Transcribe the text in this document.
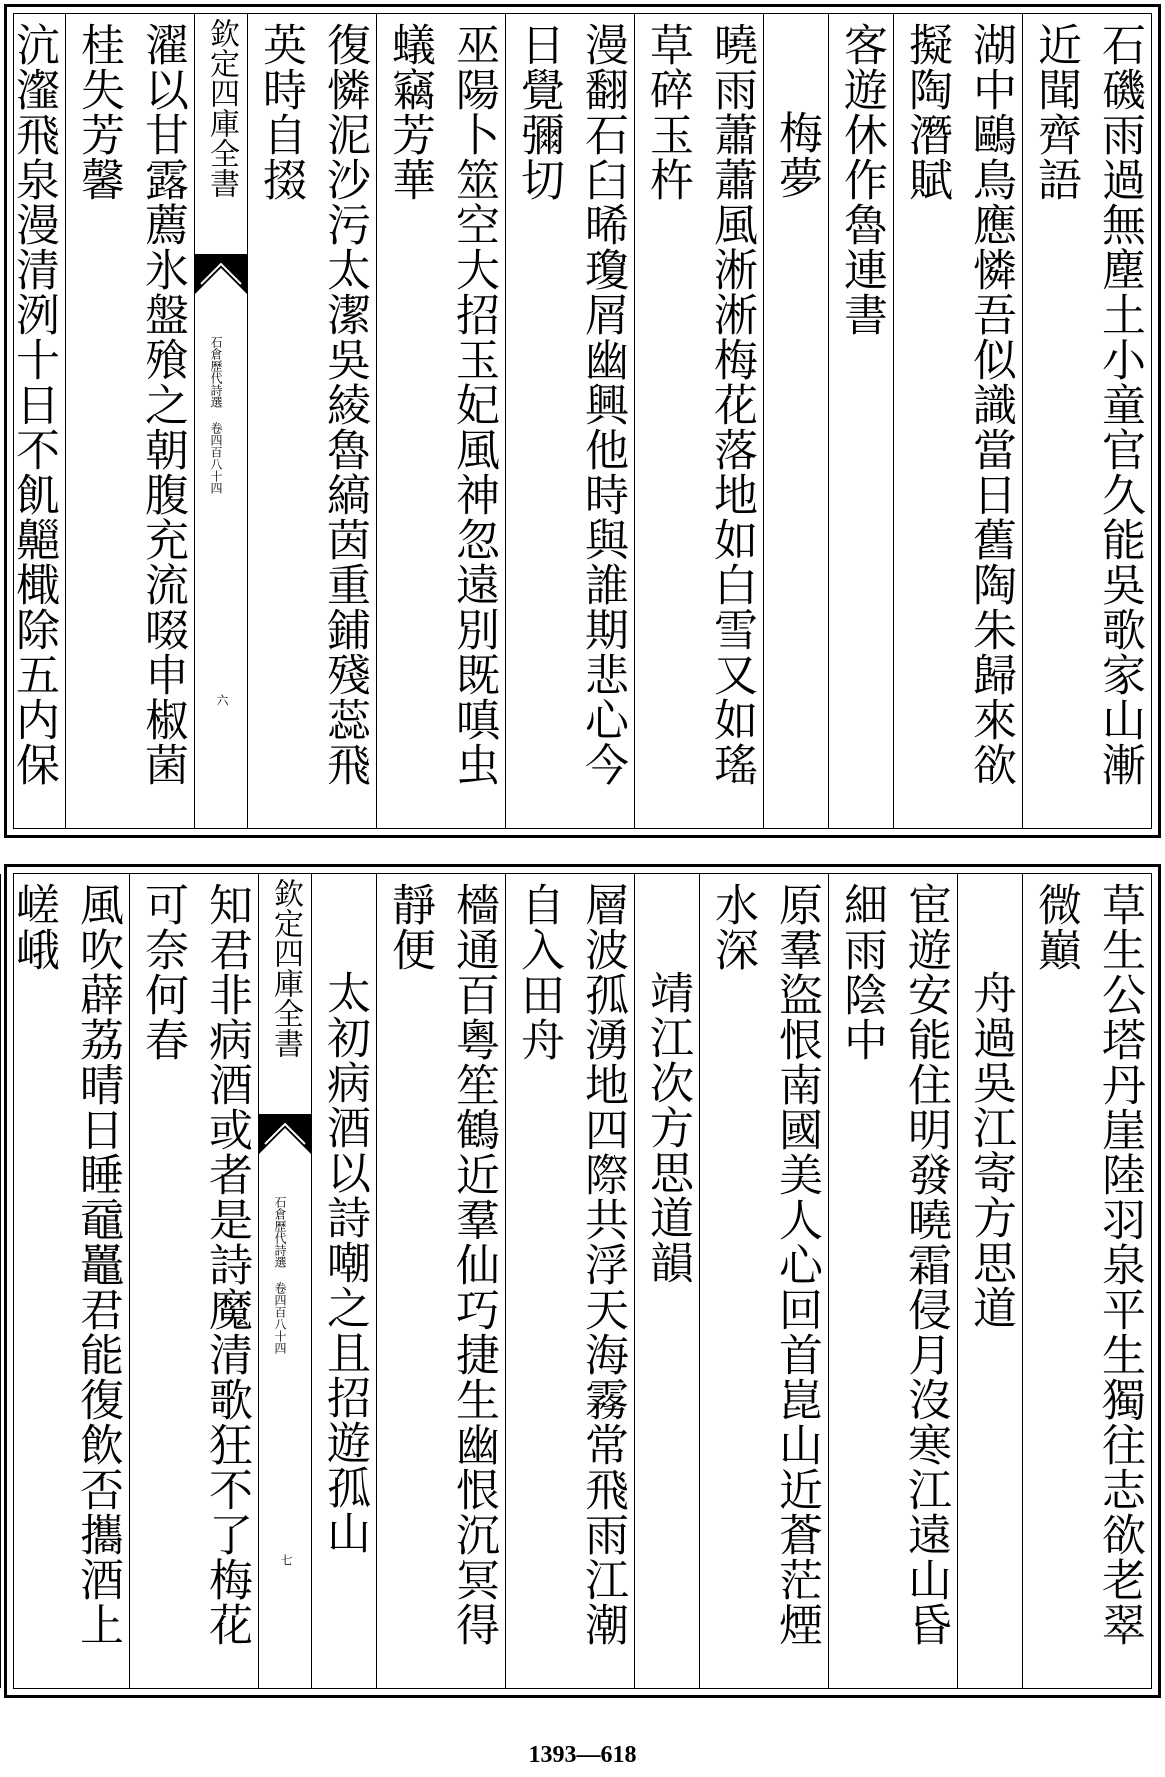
石磯雨過無塵土小童官久能吳歌家山漸近聞齊語
湖中鷗鳥應憐吾似識當日舊陶朱歸來欲擬陶潛賦
客遊休作魯連書
梅夢
曉雨蕭蕭風淅淅梅花落地如白雪又如瑤草碎玉杵
漫翻石臼晞瓊屑幽興他時與誰期悲心今日覺彌切
巫陽卜筮空大招玉妃風神忽遠別既嗔虫蟻竊芳華
復憐泥沙污太潔吳綾魯縞茵重鋪殘蕊飛英時自掇
欽定四庫全書
石倉歷代詩選 卷四百八十四
六
濯以甘露薦氷盤飱之朝腹充流啜申椒菌桂失芳馨
沆瀣飛泉漫清洌十日不飢齆檝除五内保
草生公塔丹崖陸羽泉平生獨往志欲老翠微巔
舟過吳江寄方思道
宦遊安能住明發曉霜侵月沒寒江遠山昏細雨陰中
原羣盜恨南國美人心回首崑山近蒼茫煙水深
靖江次方思道韻
層波孤湧地四際共浮天海霧常飛雨江潮自入田舟
檣通百粵笙鶴近羣仙巧捷生幽恨沉冥得靜便
太初病酒以詩嘲之且招遊孤山
欽定四庫全書
石倉歷代詩選 卷四百八十四
七
知君非病酒或者是詩魔清歌狂不了梅花可奈何春
風吹薜荔晴日睡黿鼉君能復飲否攜酒上嵯峨
1393—618
